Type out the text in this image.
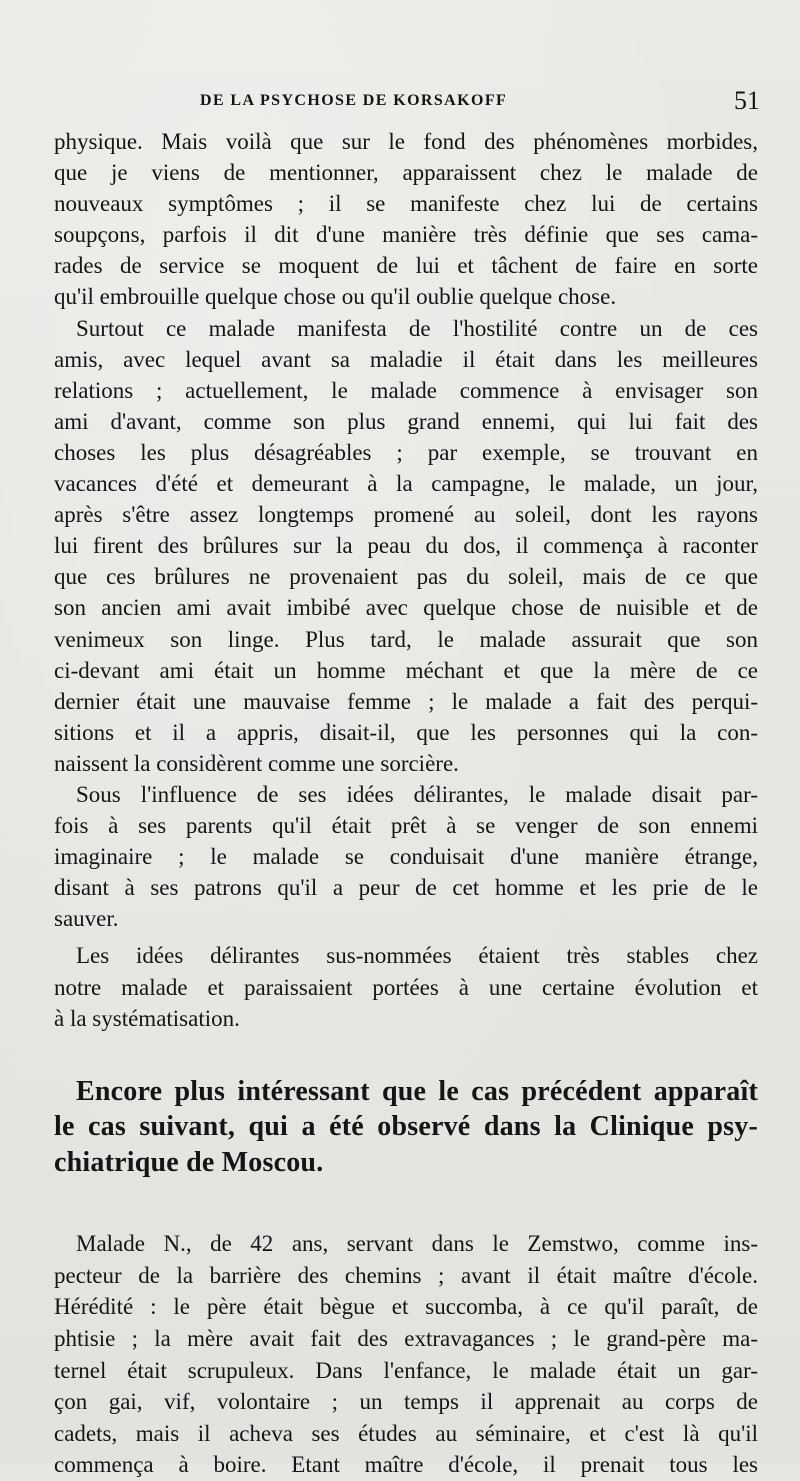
DE LA PSYCHOSE DE KORSAKOFF	51

physique. Mais voilà que sur le fond des phénomènes morbides,
que je viens de mentionner, apparaissent chez le malade de
nouveaux symptômes ; il se manifeste chez lui de certains
soupçons, parfois il dit d'une manière très définie que ses cama-
rades de service se moquent de lui et tâchent de faire en sorte
qu'il embrouille quelque chose ou qu'il oublie quelque chose.

Surtout ce malade manifesta de l'hostilité contre un de ces
amis, avec lequel avant sa maladie il était dans les meilleures
relations ; actuellement, le malade commence à envisager son
ami d'avant, comme son plus grand ennemi, qui lui fait des
choses les plus désagréables ; par exemple, se trouvant en
vacances d'été et demeurant à la campagne, le malade, un jour,
après s'être assez longtemps promené au soleil, dont les rayons
lui firent des brûlures sur la peau du dos, il commença à raconter
que ces brûlures ne provenaient pas du soleil, mais de ce que
son ancien ami avait imbibé avec quelque chose de nuisible et de
venimeux son linge. Plus tard, le malade assurait que son
ci-devant ami était un homme méchant et que la mère de ce
dernier était une mauvaise femme ; le malade a fait des perqui-
sitions et il a appris, disait-il, que les personnes qui la con-
naissent la considèrent comme une sorcière.

Sous l'influence de ses idées délirantes, le malade disait par-
fois à ses parents qu'il était prêt à se venger de son ennemi
imaginaire ; le malade se conduisait d'une manière étrange,
disant à ses patrons qu'il a peur de cet homme et les prie de le
sauver.

Les idées délirantes sus-nommées étaient très stables chez
notre malade et paraissaient portées à une certaine évolution et
à la systématisation.

Encore plus intéressant que le cas précédent apparaît
le cas suivant, qui a été observé dans la Clinique psy-
chiatrique de Moscou.

Malade N., de 42 ans, servant dans le Zemstwo, comme ins-
pecteur de la barrière des chemins ; avant il était maître d'école.
Hérédité : le père était bègue et succomba, à ce qu'il paraît, de
phtisie ; la mère avait fait des extravagances ; le grand-père ma-
ternel était scrupuleux. Dans l'enfance, le malade était un gar-
çon gai, vif, volontaire ; un temps il apprenait au corps de
cadets, mais il acheva ses études au séminaire, et c'est là qu'il
commença à boire. Etant maître d'école, il prenait tous les
